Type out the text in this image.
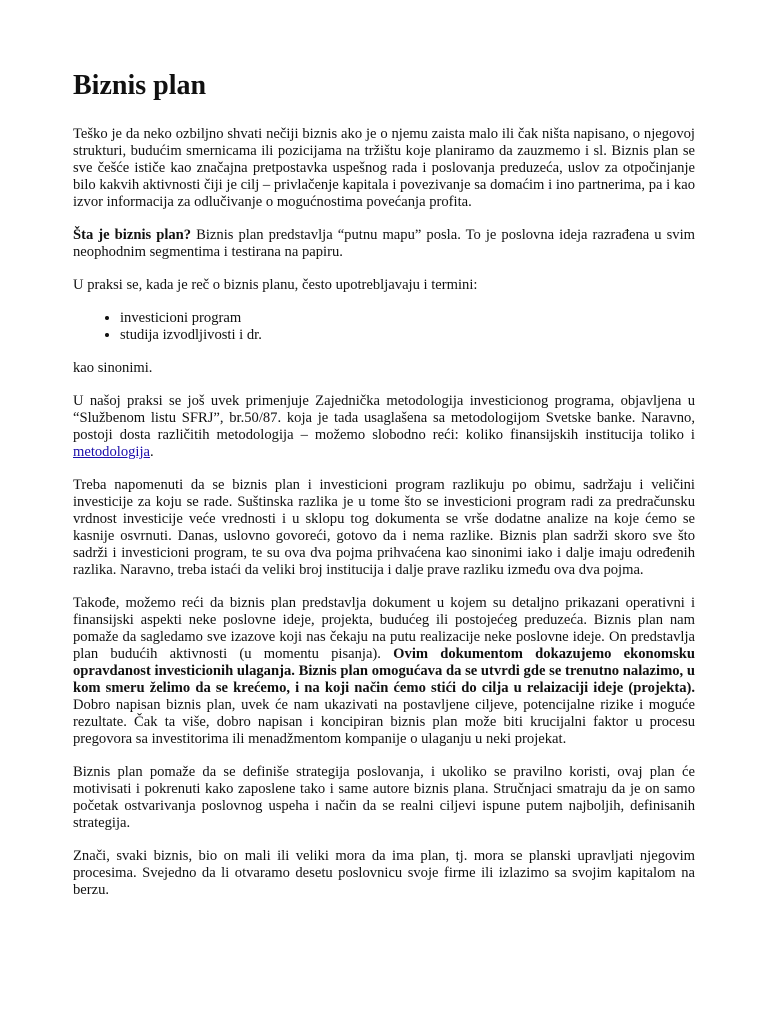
Biznis plan

Teško je da neko ozbiljno shvati nečiji biznis ako je o njemu zaista malo ili čak ništa napisano, o njegovoj strukturi, budućim smernicama ili pozicijama na tržištu koje planiramo da zauzmemo i sl. Biznis plan se sve češće ističe kao značajna pretpostavka uspešnog rada i poslovanja preduzeća, uslov za otpočinjanje bilo kakvih aktivnosti čiji je cilj – privlačenje kapitala i povezivanje sa domaćim i ino partnerima, pa i kao izvor informacija za odlučivanje o mogućnostima povećanja profita.

Šta je biznis plan? Biznis plan predstavlja “putnu mapu” posla. To je poslovna ideja razrađena u svim neophodnim segmentima i testirana na papiru.

U praksi se, kada je reč o biznis planu, često upotrebljavaju i termini:

• investicioni program
• studija izvodljivosti i dr.

kao sinonimi.

U našoj praksi se još uvek primenjuje Zajednička metodologija investicionog programa, objavljena u “Službenom listu SFRJ”, br.50/87. koja je tada usaglašena sa metodologijom Svetske banke. Naravno, postoji dosta različitih metodologija – možemo slobodno reći: koliko finansijskih institucija toliko i metodologija.

Treba napomenuti da se biznis plan i investicioni program razlikuju po obimu, sadržaju i veličini investicije za koju se rade. Suštinska razlika je u tome što se investicioni program radi za predračunsku vrdnost investicije veće vrednosti i u sklopu tog dokumenta se vrše dodatne analize na koje ćemo se kasnije osvrnuti. Danas, uslovno govoreći, gotovo da i nema razlike. Biznis plan sadrži skoro sve što sadrži i investicioni program, te su ova dva pojma prihvaćena kao sinonimi iako i dalje imaju određenih razlika. Naravno, treba istaći da veliki broj institucija i dalje prave razliku između ova dva pojma.

Takođe, možemo reći da biznis plan predstavlja dokument u kojem su detaljno prikazani operativni i finansijski aspekti neke poslovne ideje, projekta, budućeg ili postojećeg preduzeća. Biznis plan nam pomaže da sagledamo sve izazove koji nas čekaju na putu realizacije neke poslovne ideje. On predstavlja plan budućih aktivnosti (u momentu pisanja). Ovim dokumentom dokazujemo ekonomsku opravdanost investicionih ulaganja. Biznis plan omogućava da se utvrdi gde se trenutno nalazimo, u kom smeru želimo da se krećemo, i na koji način ćemo stići do cilja u relaizaciji ideje (projekta). Dobro napisan biznis plan, uvek će nam ukazivati na postavljene ciljeve, potencijalne rizike i moguće rezultate. Čak ta više, dobro napisan i koncipiran biznis plan može biti krucijalni faktor u procesu pregovora sa investitorima ili menadžmentom kompanije o ulaganju u neki projekat.

Biznis plan pomaže da se definiše strategija poslovanja, i ukoliko se pravilno koristi, ovaj plan će motivisati i pokrenuti kako zaposlene tako i same autore biznis plana. Stručnjaci smatraju da je on samo početak ostvarivanja poslovnog uspeha i način da se realni ciljevi ispune putem najboljih, definisanih strategija.

Znači, svaki biznis, bio on mali ili veliki mora da ima plan, tj. mora se planski upravljati njegovim procesima. Svejedno da li otvaramo desetu poslovnicu svoje firme ili izlazimo sa svojim kapitalom na berzu.
